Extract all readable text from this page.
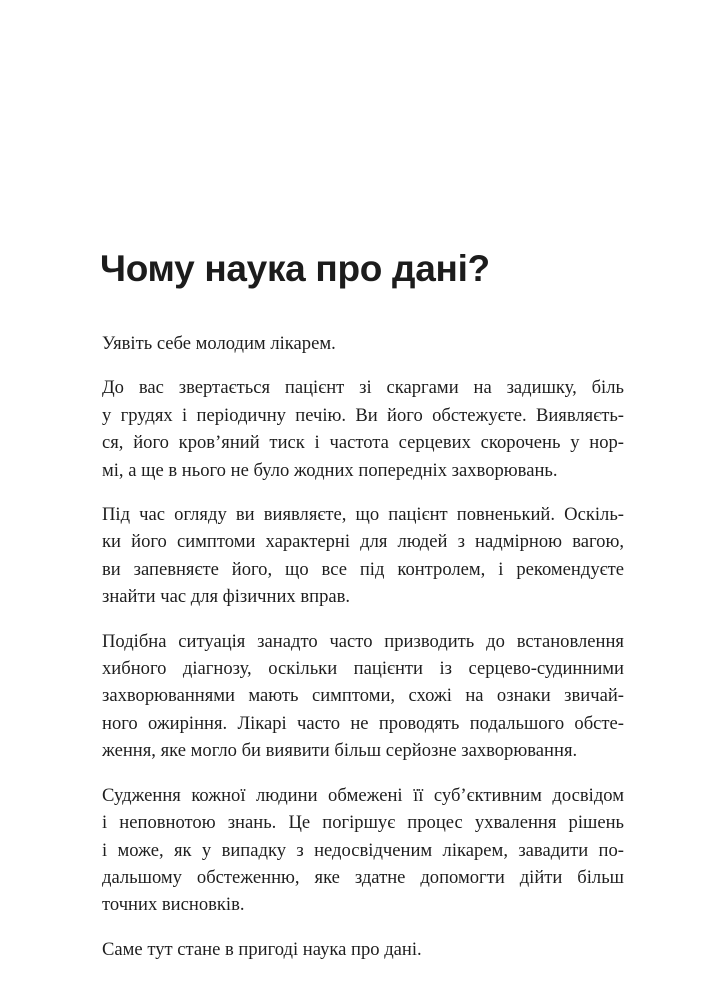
Чому наука про дані?

Уявіть себе молодим лікарем.

До вас звертається пацієнт зі скаргами на задишку, біль
у грудях і періодичну печію. Ви його обстежуєте. Виявляєть-
ся, його кров’яний тиск і частота серцевих скорочень у нор-
мі, а ще в нього не було жодних попередніх захворювань.

Під час огляду ви виявляєте, що пацієнт повненький. Оскіль-
ки його симптоми характерні для людей з надмірною вагою,
ви запевняєте його, що все під контролем, і рекомендуєте
знайти час для фізичних вправ.

Подібна ситуація занадто часто призводить до встановлення
хибного діагнозу, оскільки пацієнти із серцево-судинними
захворюваннями мають симптоми, схожі на ознаки звичай-
ного ожиріння. Лікарі часто не проводять подальшого обсте-
ження, яке могло би виявити більш серйозне захворювання.

Судження кожної людини обмежені її суб’єктивним досвідом
і неповнотою знань. Це погіршує процес ухвалення рішень
і може, як у випадку з недосвідченим лікарем, завадити по-
дальшому обстеженню, яке здатне допомогти дійти більш
точних висновків.

Саме тут стане в пригоді наука про дані.
